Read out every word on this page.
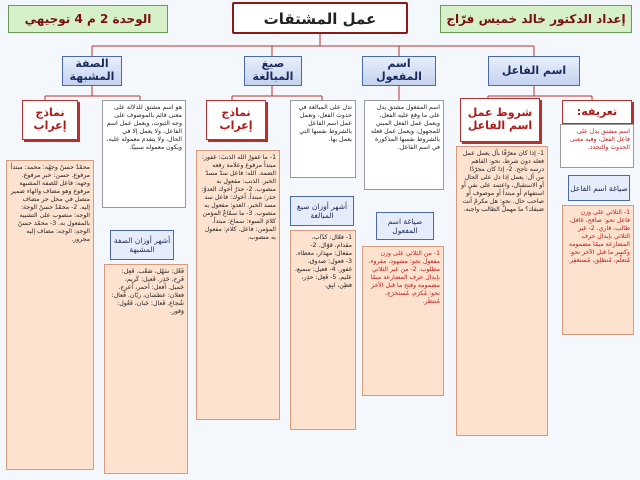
إعداد الدكتور خالد خميس فرّاج
الوحدة 2 م 4 توجيهي	عمل المشتقات
اسم الفاعل
اسم المفعول
صيغ المبالغة
الصفة المشبهة
تعريفه:
اسم مشتق يدل على فاعل الفعل، وفيه معنى الحدوث والتجدد.
صياغة اسم الفاعل
1- الثلاثي على وزن فاعل نحو: صافح، غافل، طالب، قاري. 2- غير الثلاثي بإبدال حرف المضارعة ميمًا مضمومة وكسر ما قبل الآخر نحو: مُتعلِّم، مُنطلِق، مُستغفِر.
شروط عمل اسم الفاعل
1- إذا كان معرّفًا بأل يعمل عمل فعله دون شرط، نحو: الفاهم درسه ناجح. 2- إذا كان مجرّدًا من أل: يعمل إذا دل على الحال أو الاستقبال، واعتمد على نفي أو استفهام أو مبتدأ أو موصوف أو صاحب حال. نحو: هل مكرمٌ أنت ضيفك؟ ما مهملٌ الطالب واجبه.
اسم المفعول مشتق يدل على ما وقع عليه الفعل، ويعمل عمل الفعل المبني للمجهول، ويعمل عمل فعله بالشروط نفسها المذكورة في اسم الفاعل.
صياغة اسم المفعول
1- من الثلاثي على وزن مفعول نحو: مشهود، مقروء، مطلوب. 2- من غير الثلاثي بإبدال حرف المضارعة ميمًا مضمومة وفتح ما قبل الآخر نحو: مُكرَم، مُستخرَج، مُنتظَر.
تدل على المبالغة في حدوث الفعل، وتعمل عمل اسم الفاعل بالشروط نفسها التي يعمل بها.
أشهر أوزان صيغ المبالغة
1- فعّال: كذّاب، مقدام، قوّال. 2- مفعال: مهذار، معطاء. 3- فعول: صدوق، غفور. 4- فعيل: سميع، عليم. 5- فَعِل: حذِر، فطِن، لبِق.
نماذج إعراب
1- ما غفورٌ الله الذنبَ: غفور: مبتدأ مرفوع وعلامة رفعه الضمة. الله: فاعل سدّ مسدّ الخبر. الذنب: مفعول به منصوب. 2- حذرٌ أخوك العدوَّ: حذر: مبتدأ. أخوك: فاعل سد مسد الخبر. العدو: مفعول به منصوب. 3- ما سمّاعٌ المؤمن كلامَ السوء: سماع: مبتدأ. المؤمن: فاعل. كلام: مفعول به منصوب.
هو اسم مشتق للدلالة على معنى قائم بالموصوف على وجه الثبوت، ويعمل عمل اسم الفاعل، ولا يعمل إلا في الحال، ولا يتقدم معموله عليه، ويكون معموله سببيًا.
أشهر أوزان الصفة المشبهة
فَعْل: سَهْل، صَعْب. فَعِل: فَرِح، حَذِر. فَعيل: كَريم، جَميل. أفعل: أحمر، أعرج. فعلان: عطشان، ريّان. فُعال: شُجاع. فَعال: جَبان، فَعُول: وَقور.
نماذج إعراب
محمّدٌ حسنٌ وجهُه: محمد: مبتدأ مرفوع. حسن: خبر مرفوع. وجهه: فاعل للصفة المشبهة مرفوع وهو مضاف والهاء ضمير متصل في محل جر مضاف إليه. 2- محمّدٌ حسنٌ الوجهَ: الوجه: منصوب على التشبيه بالمفعول به. 3- محمّد حسنُ الوجهِ: الوجه: مضاف إليه مجرور.
